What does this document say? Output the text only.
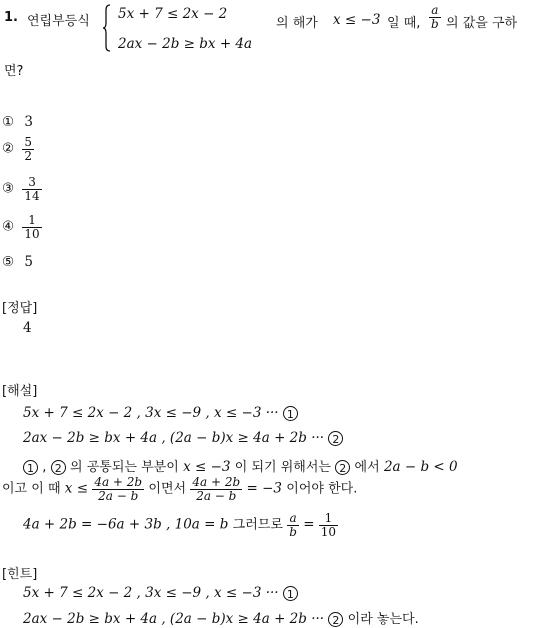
1. 연립부등식 5x + 7 ≤ 2x − 2
2ax − 2b ≥ bx + 4a
의 해가 x ≤ −3 일 때, $\frac{a}{b}$ 의 값을 구하
면?
① 3
② $\frac{5}{2}$
③ $\frac{3}{14}$
④ $\frac{1}{10}$
⑤ 5
[정답]
4
[해설]
5x + 7 ≤ 2x − 2 , 3x ≤ −9 , x ≤ −3 ··· 1
2ax − 2b ≥ bx + 4a , (2a − b)x ≥ 4a + 2b ··· 2
1 , 2 의 공통되는 부분이 x ≤ −3 이 되기 위해서는 2 에서 2a − b < 0
이고 이 때 $x \le \frac{4a + 2b}{2a - b}$ 이면서 $\frac{4a + 2b}{2a - b} = -3$ 이어야 한다.
4a + 2b = −6a + 3b , 10a = b 그러므로 $\frac{a}{b} = \frac{1}{10}$
[힌트]
5x + 7 ≤ 2x − 2 , 3x ≤ −9 , x ≤ −3 ··· 1
2ax − 2b ≥ bx + 4a , (2a − b)x ≥ 4a + 2b ··· 2 이라 놓는다.
